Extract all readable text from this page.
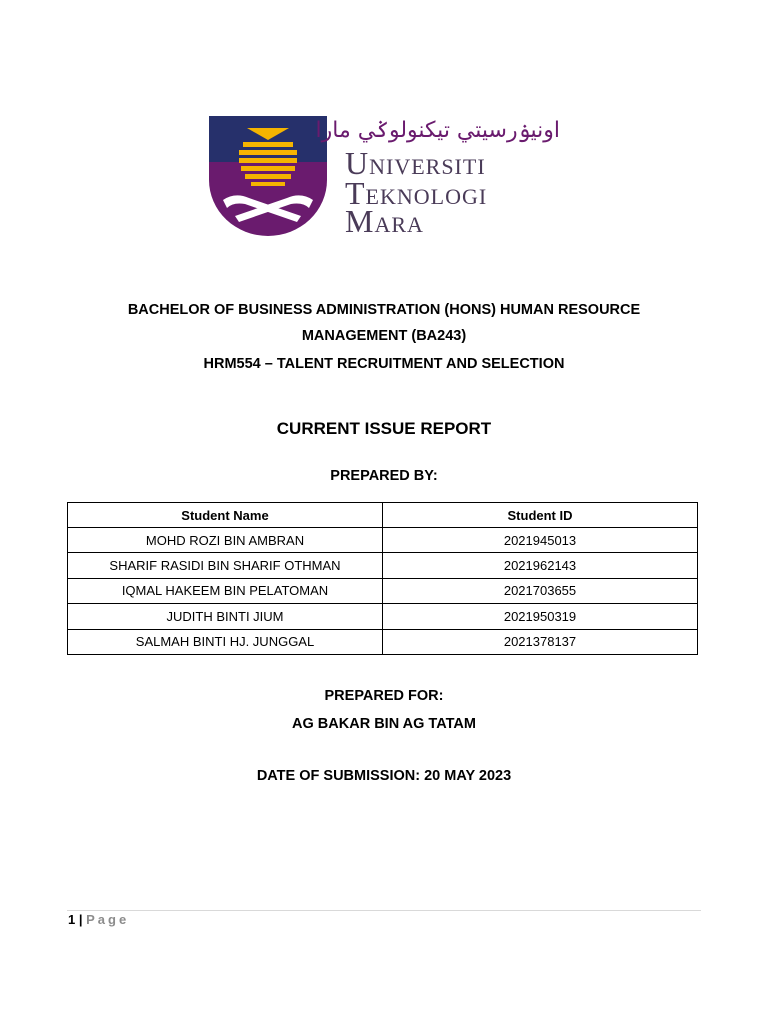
اونيۏرسيتي تيكنولوݢي مارا
Universiti
Teknologi
Mara
BACHELOR OF BUSINESS ADMINISTRATION (HONS) HUMAN RESOURCE
MANAGEMENT (BA243)
HRM554 – TALENT RECRUITMENT AND SELECTION
CURRENT ISSUE REPORT
PREPARED BY:
Student Name	Student ID
MOHD ROZI BIN AMBRAN	2021945013
SHARIF RASIDI BIN SHARIF OTHMAN	2021962143
IQMAL HAKEEM BIN PELATOMAN	2021703655
JUDITH BINTI JIUM	2021950319
SALMAH BINTI HJ. JUNGGAL	2021378137
PREPARED FOR:
AG BAKAR BIN AG TATAM
DATE OF SUBMISSION: 20 MAY 2023
1 | Page
